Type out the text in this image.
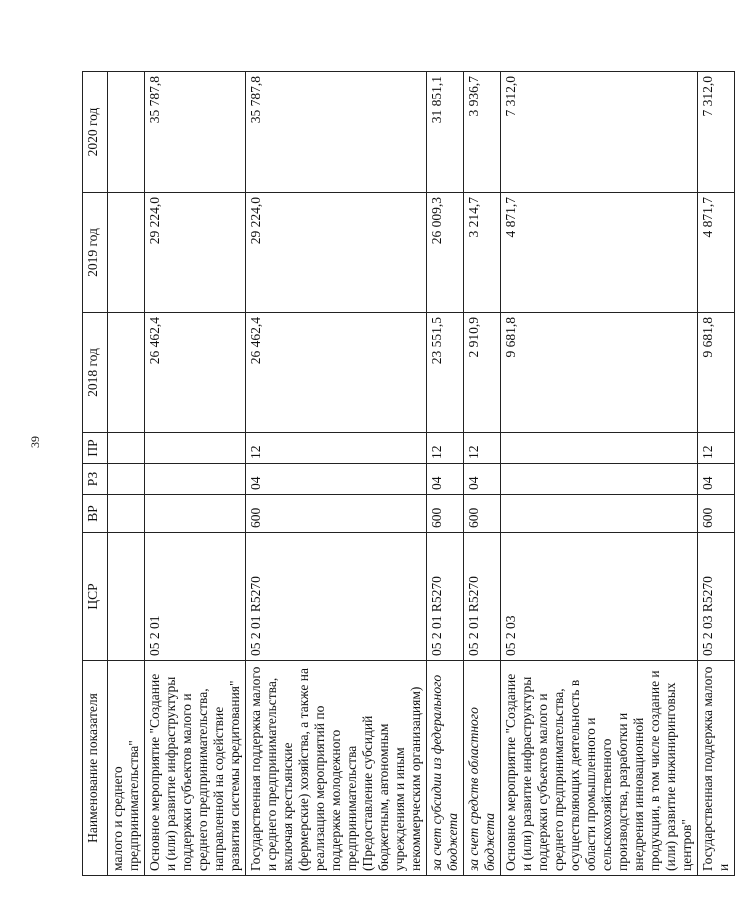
39
Наименование показателя	ЦСР	ВР	РЗ	ПР	2018 год	2019 год	2020 год
малого и среднего предпринимательства"							
Основное мероприятие "Создание и (или) развитие инфраструктуры поддержки субъектов малого и среднего предпринимательства, направленной на содействие развития системы кредитования"	05 2 01				26 462,4	29 224,0	35 787,8
Государственная поддержка малого и среднего предпринимательства, включая крестьянские (фермерские) хозяйства, а также на реализацию мероприятий по поддержке молодежного предпринимательства (Предоставление субсидий бюджетным, автономным учреждениям и иным некоммерческим организациям)	05 2 01 R5270	600	04	12	26 462,4	29 224,0	35 787,8
за счет субсидии из федерального бюджета	05 2 01 R5270	600	04	12	23 551,5	26 009,3	31 851,1
за счет средств областного бюджета	05 2 01 R5270	600	04	12	2 910,9	3 214,7	3 936,7
Основное мероприятие "Создание и (или) развитие инфраструктуры поддержки субъектов малого и среднего предпринимательства, осуществляющих деятельность в области промышленного и сельскохозяйственного производства, разработки и внедрения инновационной продукции, в том числе создание и (или) развитие инжиниринговых центров"	05 2 03				9 681,8	4 871,7	7 312,0
Государственная поддержка малого и	05 2 03 R5270	600	04	12	9 681,8	4 871,7	7 312,0
